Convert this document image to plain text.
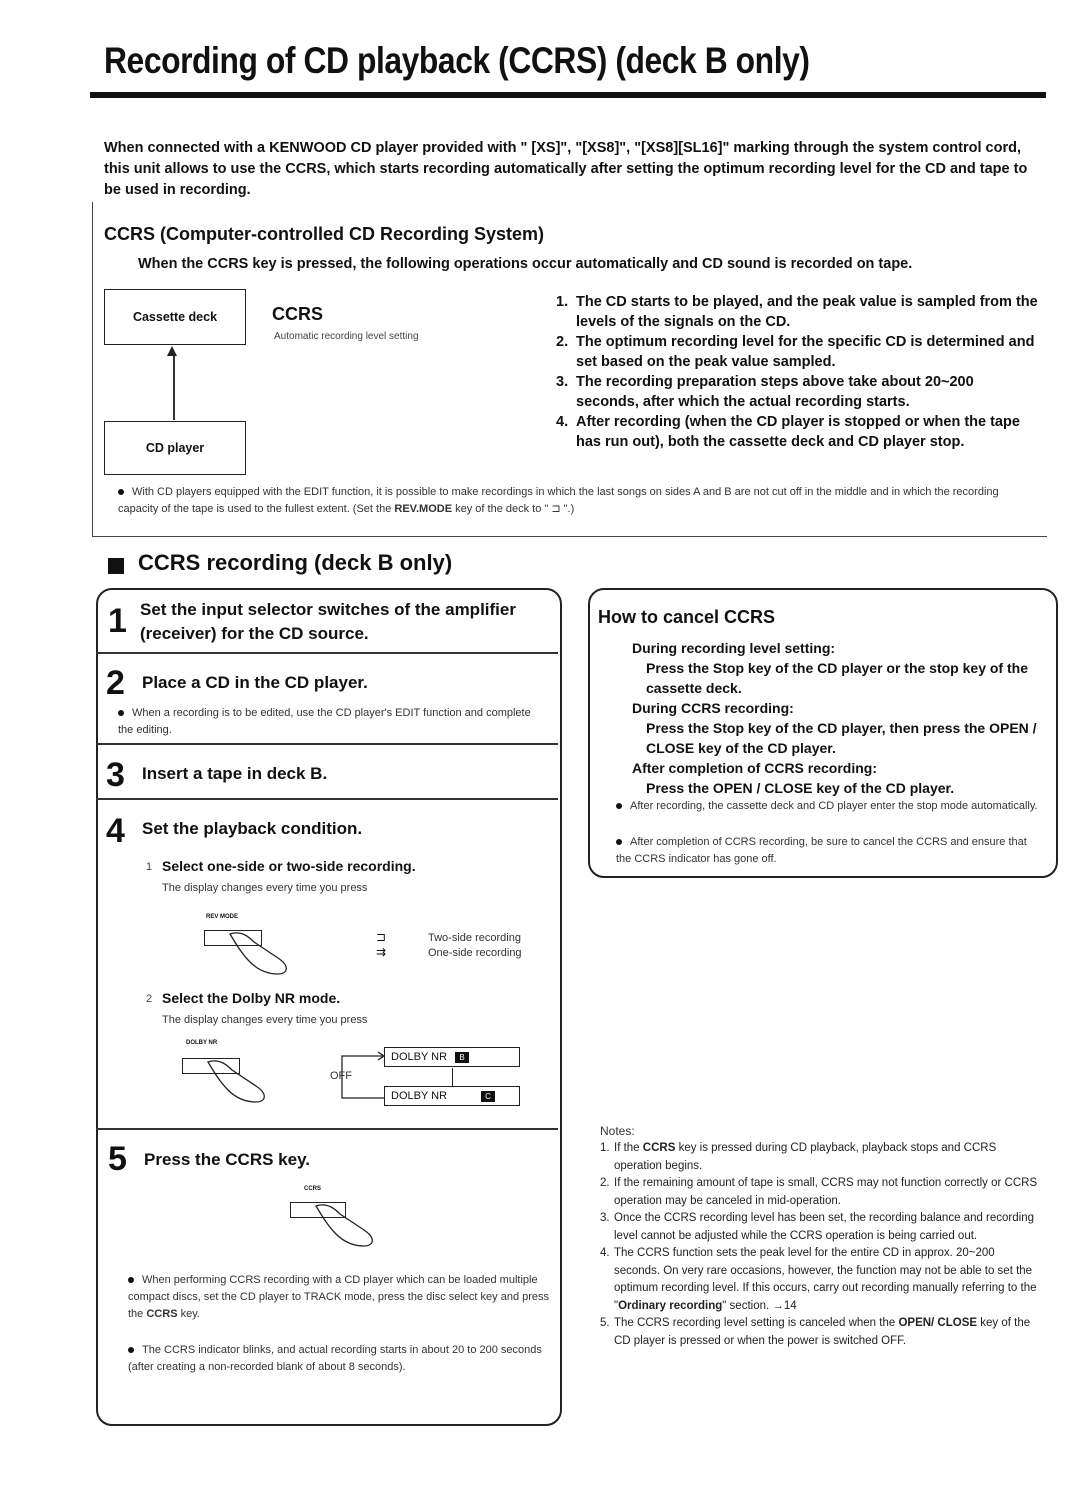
Recording of CD playback (CCRS) (deck B only)
When connected with a KENWOOD CD player provided with " [XS]", "[XS8]", "[XS8][SL16]" marking through the system control cord, this unit allows to use the CCRS, which starts recording automatically after setting the optimum recording level for the CD and tape to be used in recording.
CCRS (Computer-controlled CD Recording System)
When the CCRS key is pressed, the following operations occur automatically and CD sound is recorded on tape.
Cassette deck
CD player
CCRS
Automatic recording level setting
1. The CD starts to be played, and the peak value is sampled from the levels of the signals on the CD.
2. The optimum recording level for the specific CD is determined and set based on the peak value sampled.
3. The recording preparation steps above take about 20~200 seconds, after which the actual recording starts.
4. After recording (when the CD player is stopped or when the tape has run out), both the cassette deck and CD player stop.
With CD players equipped with the EDIT function, it is possible to make recordings in which the last songs on sides A and B are not cut off in the middle and in which the recording capacity of the tape is used to the fullest extent. (Set the REV.MODE key of the deck to " ⊐ ".)
CCRS recording (deck B only)
1 Set the input selector switches of the amplifier (receiver) for the CD source.
2 Place a CD in the CD player.
When a recording is to be edited, use the CD player's EDIT function and complete the editing.
3 Insert a tape in deck B.
4 Set the playback condition.
1 Select one-side or two-side recording.
The display changes every time you press
REV MODE
⊐	Two-side recording
⇉	One-side recording
2 Select the Dolby NR mode.
The display changes every time you press
DOLBY NR
OFF
DOLBY NR	B
DOLBY NR	C
5 Press the CCRS key.
CCRS
When performing CCRS recording with a CD player which can be loaded multiple compact discs, set the CD player to TRACK mode, press the disc select key and press the CCRS key.
The CCRS indicator blinks, and actual recording starts in about 20 to 200 seconds (after creating a non-recorded blank of about 8 seconds).
How to cancel CCRS
During recording level setting:
Press the Stop key of the CD player or the stop key of the cassette deck.
During CCRS recording:
Press the Stop key of the CD player, then press the OPEN / CLOSE key of the CD player.
After completion of CCRS recording:
Press the OPEN / CLOSE key of the CD player.
After recording, the cassette deck and CD player enter the stop mode automatically.
After completion of CCRS recording, be sure to cancel the CCRS and ensure that the CCRS indicator has gone off.
Notes:
1. If the CCRS key is pressed during CD playback, playback stops and CCRS operation begins.
2. If the remaining amount of tape is small, CCRS may not function correctly or CCRS operation may be canceled in mid-operation.
3. Once the CCRS recording level has been set, the recording balance and recording level cannot be adjusted while the CCRS operation is being carried out.
4. The CCRS function sets the peak level for the entire CD in approx. 20~200 seconds. On very rare occasions, however, the function may not be able to set the optimum recording level. If this occurs, carry out recording manually referring to the "Ordinary recording" section. →14
5. The CCRS recording level setting is canceled when the OPEN/ CLOSE key of the CD player is pressed or when the power is switched OFF.
